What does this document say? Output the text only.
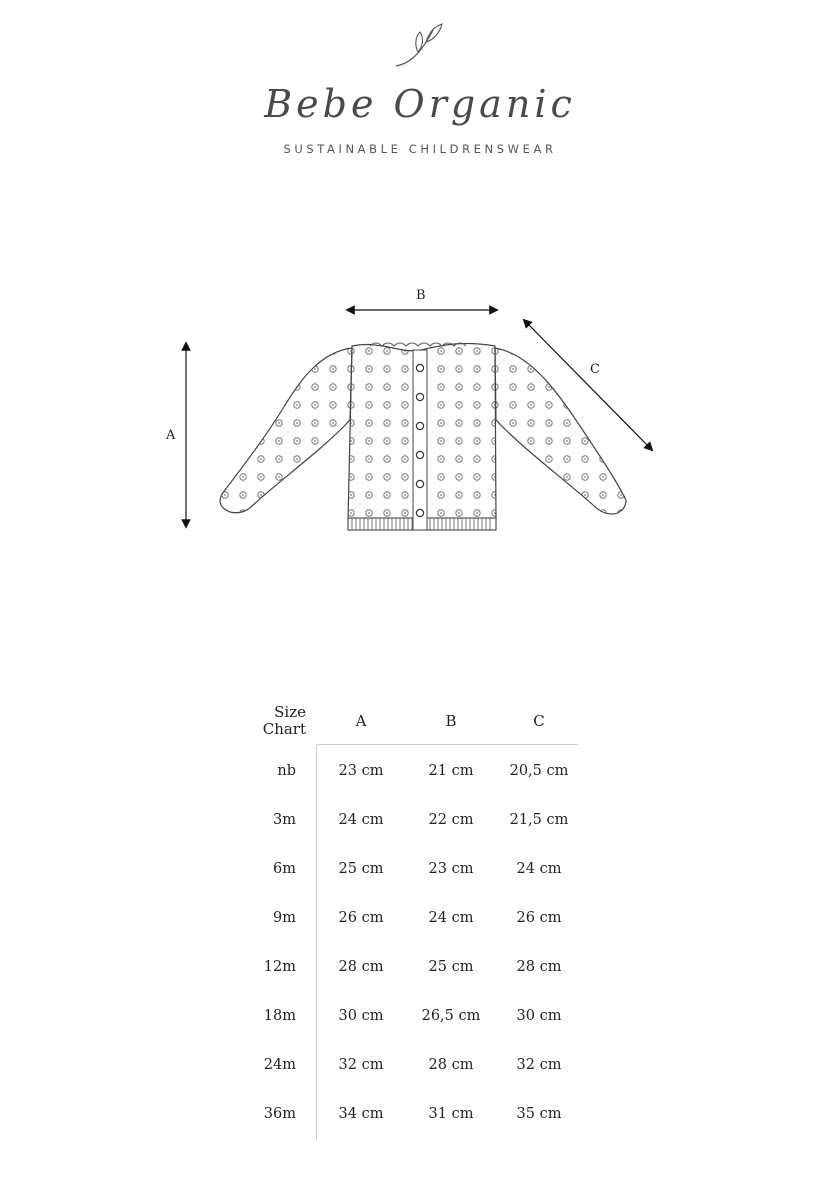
Bebe Organic
SUSTAINABLE CHILDRENSWEAR
A
B
C
Size
Chart	A	B	C
nb	23 cm	21 cm	20,5 cm
3m	24 cm	22 cm	21,5 cm
6m	25 cm	23 cm	24 cm
9m	26 cm	24 cm	26 cm
12m	28 cm	25 cm	28 cm
18m	30 cm	26,5 cm	30 cm
24m	32 cm	28 cm	32 cm
36m	34 cm	31 cm	35 cm
